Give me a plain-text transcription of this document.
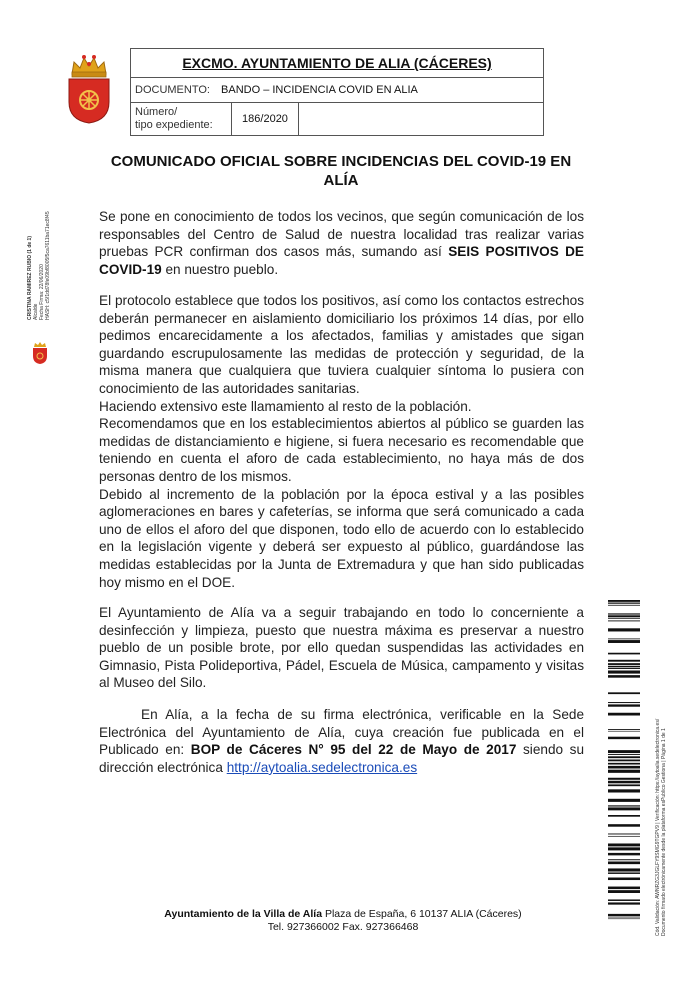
EXCMO. AYUNTAMIENTO DE ALIA (CÁCERES)
DOCUMENTO: BANDO – INCIDENCIA COVID EN ALIA
Número/
tipo expediente:	186/2020
CRISTINA RAMIREZ RUBIO (1 de 1) Alcalde Fecha Firma: 22/06/2020 HASH: c5f1dd78fe09bf8005f5ca7611ba71ec8f45
COMUNICADO OFICIAL SOBRE INCIDENCIAS DEL COVID-19 EN ALÍA
Se pone en conocimiento de todos los vecinos, que según comunicación de los responsables del Centro de Salud de nuestra localidad tras realizar varias pruebas PCR confirman dos casos más, sumando así SEIS POSITIVOS DE COVID-19 en nuestro pueblo.

El protocolo establece que todos los positivos, así como los contactos estrechos deberán permanecer en aislamiento domiciliario los próximos 14 días, por ello pedimos encarecidamente a los afectados, familias y amistades que sigan guardando escrupulosamente las medidas de protección y seguridad, de la misma manera que cualquiera que tuviera cualquier síntoma lo pusiera con conocimiento de las autoridades sanitarias.

Haciendo extensivo este llamamiento al resto de la población.

Recomendamos que en los establecimientos abiertos al público se guarden las medidas de distanciamiento e higiene, si fuera necesario es recomendable que teniendo en cuenta el aforo de cada establecimiento, no haya más de dos personas dentro de los mismos.

Debido al incremento de la población por la época estival y a las posibles aglomeraciones en bares y cafeterías, se informa que será comunicado a cada uno de ellos el aforo del que disponen, todo ello de acuerdo con lo establecido en la legislación vigente y deberá ser expuesto al público, guardándose las medidas establecidas por la Junta de Extremadura y que han sido publicadas hoy mismo en el DOE.

El Ayuntamiento de Alía va a seguir trabajando en todo lo concerniente a desinfección y limpieza, puesto que nuestra máxima es preservar a nuestro pueblo de un posible brote, por ello quedan suspendidas las actividades en Gimnasio, Pista Polideportiva, Pádel, Escuela de Música, campamento y visitas al Museo del Silo.
En Alía, a la fecha de su firma electrónica, verificable en la Sede Electrónica del Ayuntamiento de Alía, cuya creación fue publicada en el Publicado en: BOP de Cáceres N° 95 del 22 de Mayo de 2017 siendo su dirección electrónica http://aytoalia.sedelectronica.es	Cód. Validación: AWNRZG3JGLFY9SMG9TGPV9 | Verificación: https://aytoalia.sedelectronica.es/ Documento firmado electrónicamente desde la plataforma esPublico Gestiona | Página 1 de 1
Ayuntamiento de la Villa de Alía Plaza de España, 6 10137 ALIA (Cáceres)
Tel. 927366002 Fax. 927366468
